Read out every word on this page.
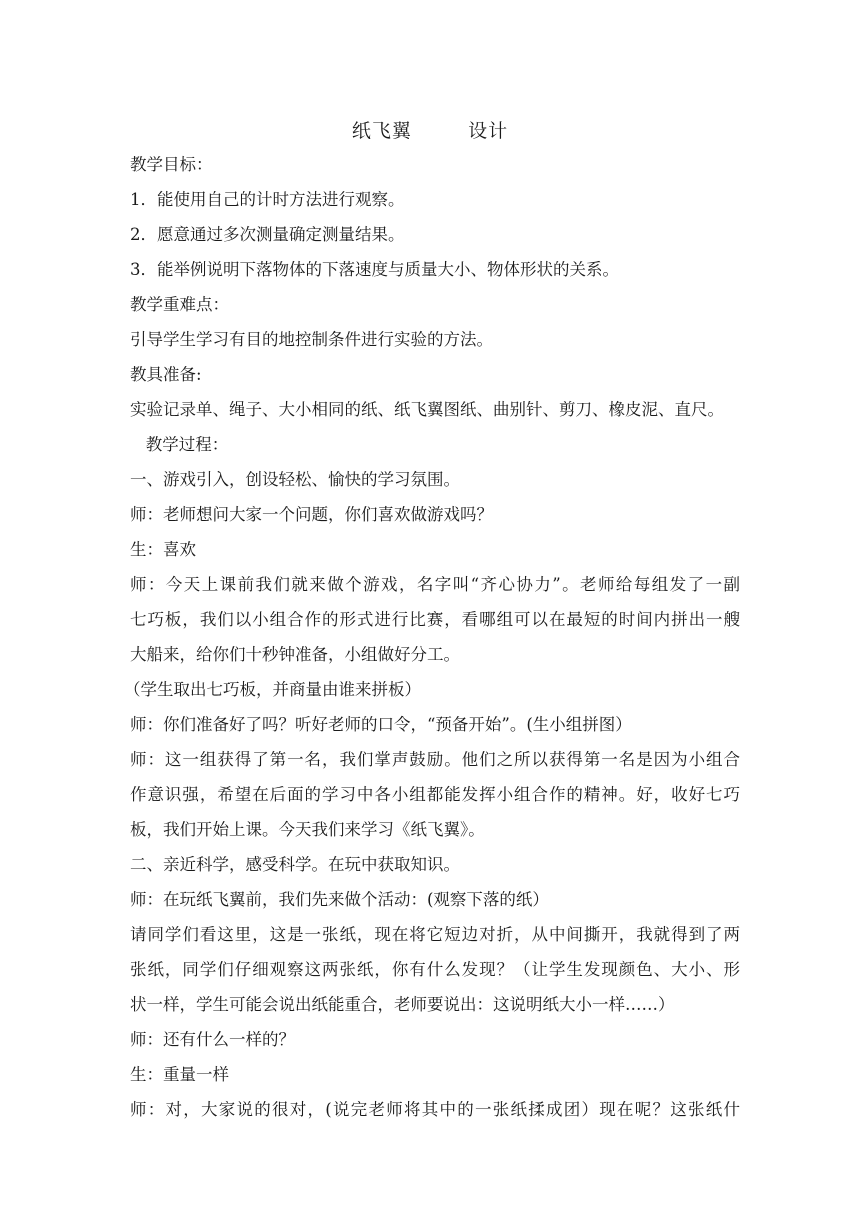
纸飞翼        设计
教学目标：
1．能使用自己的计时方法进行观察。
2．愿意通过多次测量确定测量结果。
3．能举例说明下落物体的下落速度与质量大小、物体形状的关系。
教学重难点：
引导学生学习有目的地控制条件进行实验的方法。
教具准备:
实验记录单、绳子、大小相同的纸、纸飞翼图纸、曲别针、剪刀、橡皮泥、直尺。
教学过程：
一、游戏引入，创设轻松、愉快的学习氛围。
师：老师想问大家一个问题，你们喜欢做游戏吗？
生：喜欢
师：今天上课前我们就来做个游戏，名字叫“齐心协力”。老师给每组发了一副
七巧板，我们以小组合作的形式进行比赛，看哪组可以在最短的时间内拼出一艘
大船来，给你们十秒钟准备，小组做好分工。
（学生取出七巧板，并商量由谁来拼板）
师：你们准备好了吗？听好老师的口令，“预备开始”。(生小组拼图）
师：这一组获得了第一名，我们掌声鼓励。他们之所以获得第一名是因为小组合
作意识强，希望在后面的学习中各小组都能发挥小组合作的精神。好，收好七巧
板，我们开始上课。今天我们来学习《纸飞翼》。
二、亲近科学，感受科学。在玩中获取知识。
师：在玩纸飞翼前，我们先来做个活动：(观察下落的纸）
请同学们看这里，这是一张纸，现在将它短边对折，从中间撕开，我就得到了两
张纸，同学们仔细观察这两张纸，你有什么发现？（让学生发现颜色、大小、形
状一样，学生可能会说出纸能重合，老师要说出：这说明纸大小一样……）
师：还有什么一样的？
生：重量一样
师：对，大家说的很对，(说完老师将其中的一张纸揉成团）现在呢？这张纸什
